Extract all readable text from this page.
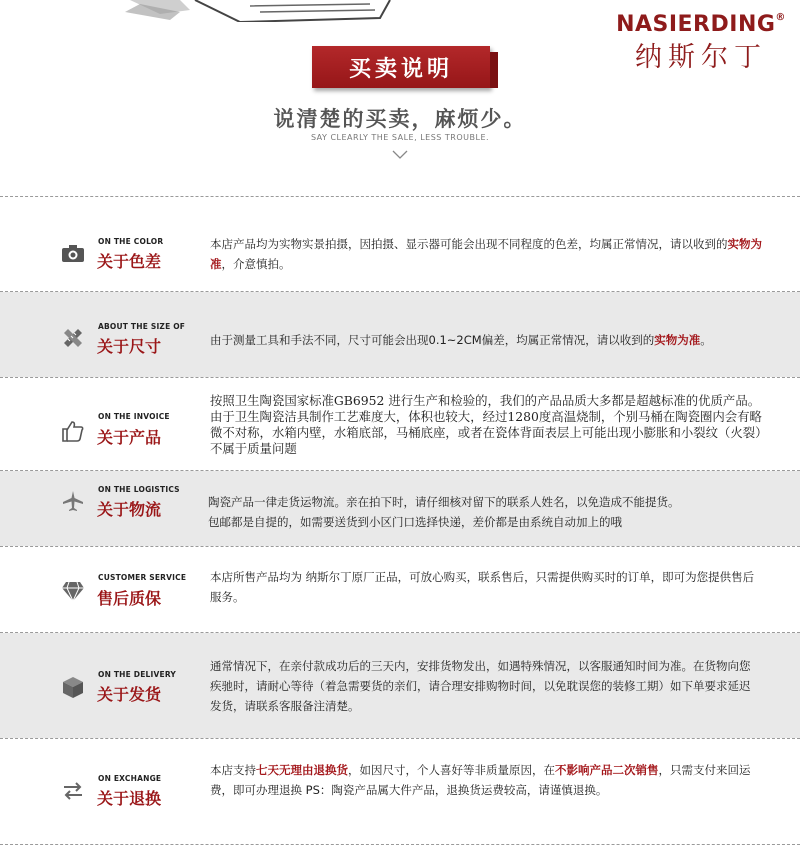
NASIERDING®
纳斯尔丁
买卖说明
说清楚的买卖，麻烦少。
SAY CLEARLY THE SALE, LESS TROUBLE.
ON THE COLOR
关于色差
本店产品均为实物实景拍摄，因拍摄、显示器可能会出现不同程度的色差，均属正常情况，请以收到的实物为准，介意慎拍。
ABOUT THE SIZE OF
关于尺寸	由于测量工具和手法不同，尺寸可能会出现0.1~2CM偏差，均属正常情况，请以收到的实物为准。
ON THE INVOICE
关于产品
按照卫生陶瓷国家标准GB6952 进行生产和检验的，我们的产品品质大多都是超越标准的优质产品。由于卫生陶瓷洁具制作工艺难度大，体积也较大，经过1280度高温烧制，个别马桶在陶瓷圈内会有略微不对称，水箱内壁，水箱底部，马桶底座，或者在瓷体背面表层上可能出现小膨胀和小裂纹（火裂）不属于质量问题
ON THE LOGISTICS
关于物流	陶瓷产品一律走货运物流。亲在拍下时，请仔细核对留下的联系人姓名，以免造成不能提货。
包邮都是自提的，如需要送货到小区门口选择快递，差价都是由系统自动加上的哦
CUSTOMER SERVICE
售后质保
本店所售产品均为 纳斯尔丁原厂正品，可放心购买，联系售后，只需提供购买时的订单，即可为您提供售后服务。
ON THE DELIVERY
关于发货
通常情况下，在亲付款成功后的三天内，安排货物发出，如遇特殊情况，以客服通知时间为准。在货物向您疾驰时，请耐心等待（着急需要货的亲们，请合理安排购物时间，以免耽误您的装修工期）如下单要求延迟发货，请联系客服备注清楚。
ON EXCHANGE
关于退换
本店支持七天无理由退换货，如因尺寸，个人喜好等非质量原因，在不影响产品二次销售，只需支付来回运费，即可办理退换 PS：陶瓷产品属大件产品，退换货运费较高，请谨慎退换。
